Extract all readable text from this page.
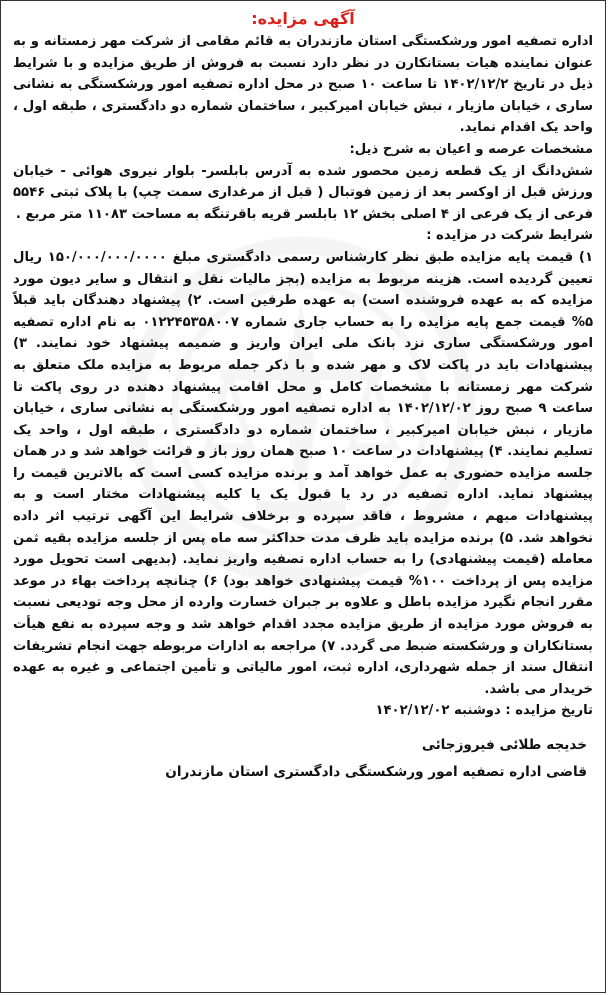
آگهی مزایده:

اداره تصفیه امور ورشکستگی استان مازندران به قائم مقامی از شرکت مهر زمستانه و به عنوان نماینده هیات بستانکارن در نظر دارد نسبت به فروش از طریق مزایده و با شرایط ذیل در تاریخ ۱۴۰۲/۱۲/۲ تا ساعت ۱۰ صبح در محل اداره تصفیه امور ورشکستگی به نشانی ساری ، خیابان مازیار ، نبش خیابان امیرکبیر ، ساختمان شماره دو دادگستری ، طبقه اول ، واحد یک اقدام نماید.

مشخصات عرصه و اعیان به شرح ذیل:

شش‌دانگ از یک قطعه زمین محصور شده به آدرس بابلسر- بلوار نیروی هوائی - خیابان ورزش قبل از اوکسر بعد از زمین فوتبال ( قبل از مرغداری سمت چپ) با پلاک ثبتی ۵۵۴۶ فرعی از یک فرعی از ۴ اصلی بخش ۱۲ بابلسر قریه باقرتنگه به مساحت ۱۱۰۸۳ متر مربع .

شرایط شرکت در مزایده :

۱) قیمت پایه مزایده طبق نظر کارشناس رسمی دادگستری مبلغ ۱۵۰/۰۰۰/۰۰۰/۰۰۰۰ ریال تعیین گردیده است. هزینه مربوط به مزایده (بجز مالیات نقل و انتقال و سایر دیون مورد مزایده که به عهده فروشنده است) به عهده طرفین است. ۲) پیشنهاد دهندگان باید قبلاً ۵% قیمت جمع پایه مزایده را به حساب جاری شماره ۰۱۲۲۴۵۳۵۸۰۰۷ به نام اداره تصفیه امور ورشکستگی ساری نزد بانک ملی ایران واریز و ضمیمه پیشنهاد خود نمایند. ۳) پیشنهادات باید در پاکت لاک و مهر شده و با ذکر جمله مربوط به مزایده ملک متعلق به شرکت مهر زمستانه با مشخصات کامل و محل اقامت پیشنهاد دهنده در روی پاکت تا ساعت ۹ صبح روز ۱۴۰۲/۱۲/۰۲ به اداره تصفیه امور ورشکستگی به نشانی ساری ، خیابان مازیار ، نبش خیابان امیرکبیر ، ساختمان شماره دو دادگستری ، طبقه اول ، واحد یک تسلیم نمایند. ۴) پیشنهادات در ساعت ۱۰ صبح همان روز باز و قرائت خواهد شد و در همان جلسه مزایده حضوری به عمل خواهد آمد و برنده مزایده کسی است که بالاترین قیمت را پیشنهاد نماید. اداره تصفیه در رد یا قبول یک یا کلیه پیشنهادات مختار است و به پیشنهادات مبهم ، مشروط ، فاقد سپرده و برخلاف شرایط این آگهی ترتیب اثر داده نخواهد شد. ۵) برنده مزایده باید ظرف مدت حداکثر سه ماه پس از جلسه مزایده بقیه ثمن معامله (قیمت پیشنهادی) را به حساب اداره تصفیه واریز نماید. (بدیهی است تحویل مورد مزایده پس از پرداخت ۱۰۰% قیمت پیشنهادی خواهد بود) ۶) چنانچه پرداخت بهاء در موعد مقرر انجام نگیرد مزایده باطل و علاوه بر جبران خسارت وارده از محل وجه تودیعی نسبت به فروش مورد مزایده از طریق مزایده مجدد اقدام خواهد شد و وجه سپرده به نفع هیأت بستانکاران و ورشکسته ضبط می گردد. ۷) مراجعه به ادارات مربوطه جهت انجام تشریفات انتقال سند از جمله شهرداری، اداره ثبت، امور مالیاتی و تأمین اجتماعی و غیره به عهده خریدار می باشد.

تاریخ مزایده : دوشنبه ۱۴۰۲/۱۲/۰۲

خدیجه طلائی فیروزجائی

قاضی اداره تصفیه امور ورشکستگی دادگستری استان مازندران
